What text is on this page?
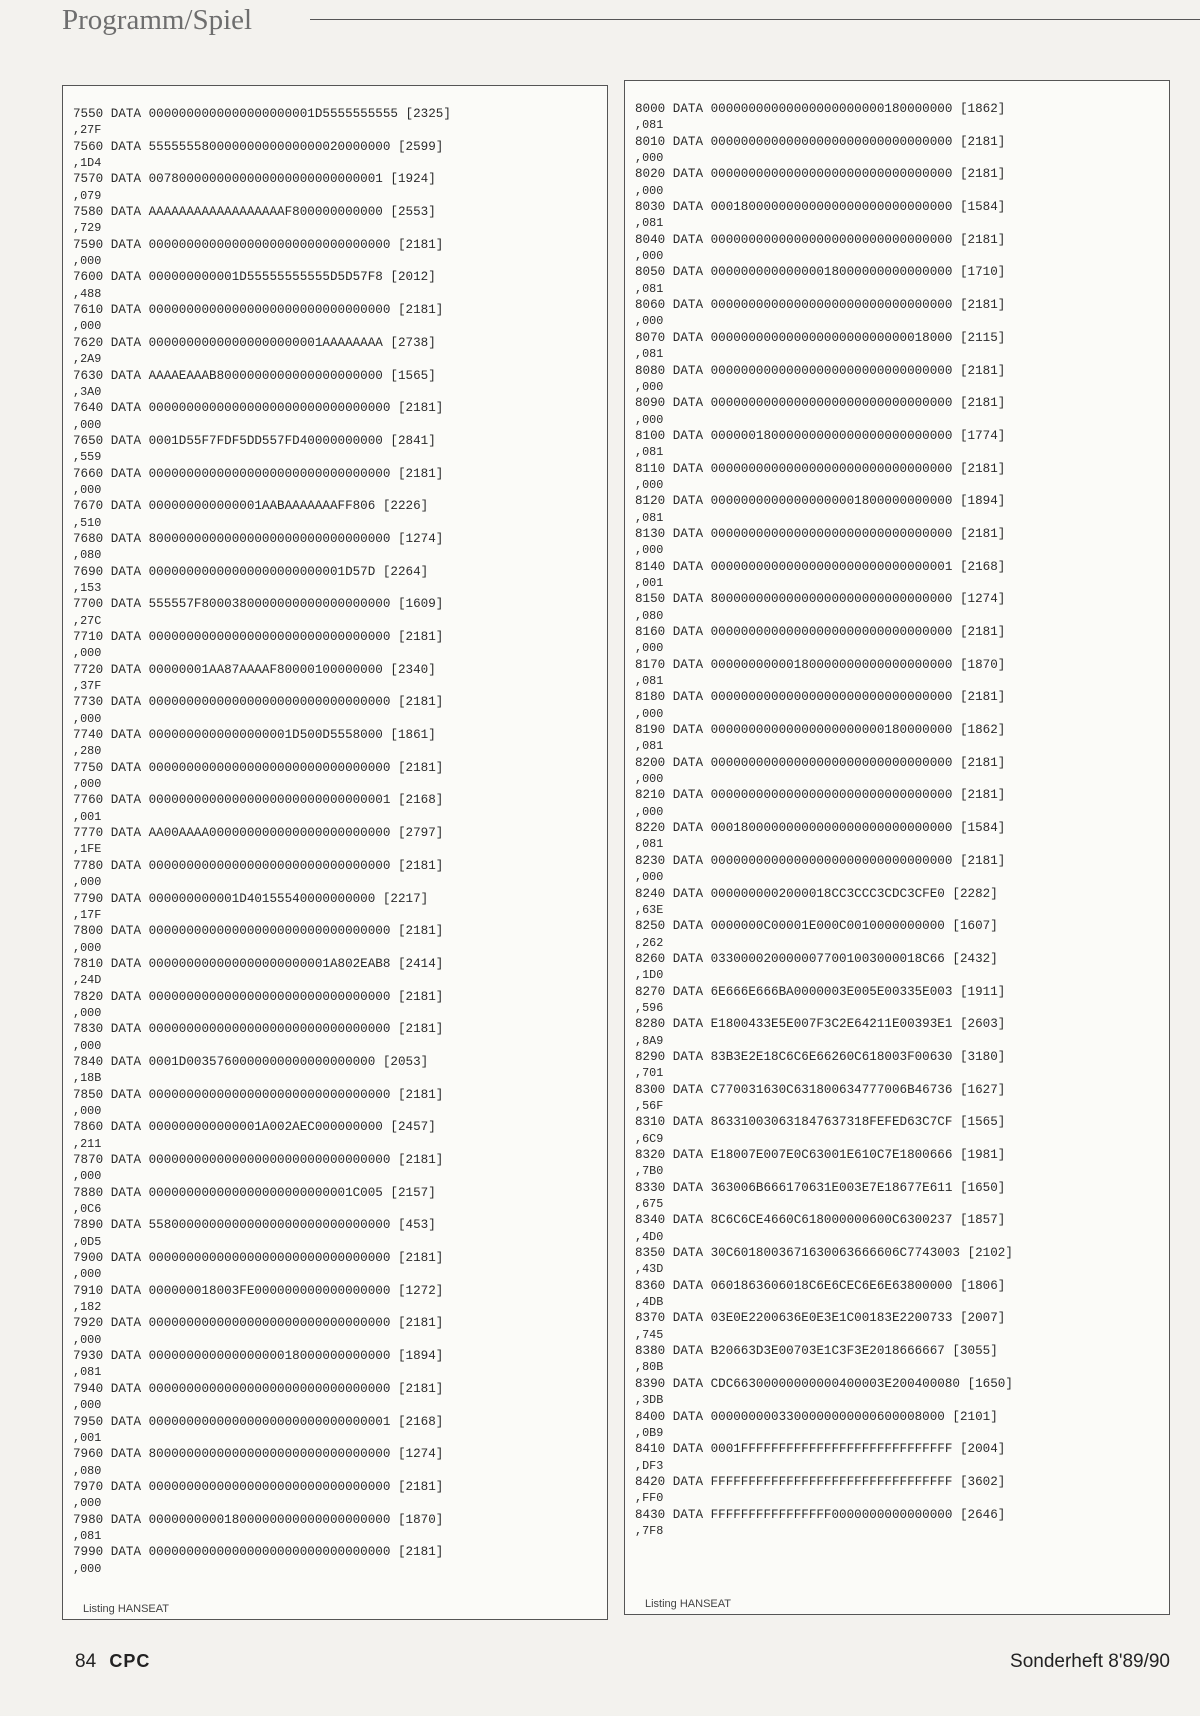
Programm/Spiel
7550 DATA 0000000000000000000001D5555555555 [2325]
,27F
7560 DATA 55555558000000000000000020000000 [2599]
,1D4
7570 DATA 0078000000000000000000000000001 [1924]
,079
7580 DATA AAAAAAAAAAAAAAAAAAF800000000000 [2553]
,729
7590 DATA 00000000000000000000000000000000 [2181]
,000
7600 DATA 000000000001D55555555555D5D57F8 [2012]
,488
7610 DATA 00000000000000000000000000000000 [2181]
,000
7620 DATA 00000000000000000000001AAAAAAAA [2738]
,2A9
7630 DATA AAAAEAAAB8000000000000000000000 [1565]
,3A0
7640 DATA 00000000000000000000000000000000 [2181]
,000
7650 DATA 0001D55F7FDF5DD557FD40000000000 [2841]
,559
7660 DATA 00000000000000000000000000000000 [2181]
,000
7670 DATA 000000000000001AABAAAAAAAFF806 [2226]
,510
7680 DATA 80000000000000000000000000000000 [1274]
,080
7690 DATA 00000000000000000000000001D57D [2264]
,153
7700 DATA 555557F8000380000000000000000000 [1609]
,27C
7710 DATA 00000000000000000000000000000000 [2181]
,000
7720 DATA 00000001AA87AAAAF80000100000000 [2340]
,37F
7730 DATA 00000000000000000000000000000000 [2181]
,000
7740 DATA 0000000000000000001D500D5558000 [1861]
,280
7750 DATA 00000000000000000000000000000000 [2181]
,000
7760 DATA 00000000000000000000000000000001 [2168]
,001
7770 DATA AA00AAAA000000000000000000000000 [2797]
,1FE
7780 DATA 00000000000000000000000000000000 [2181]
,000
7790 DATA 000000000001D40155540000000000 [2217]
,17F
7800 DATA 00000000000000000000000000000000 [2181]
,000
7810 DATA 000000000000000000000001A802EAB8 [2414]
,24D
7820 DATA 00000000000000000000000000000000 [2181]
,000
7830 DATA 00000000000000000000000000000000 [2181]
,000
7840 DATA 0001D0035760000000000000000000 [2053]
,18B
7850 DATA 00000000000000000000000000000000 [2181]
,000
7860 DATA 000000000000001A002AEC000000000 [2457]
,211
7870 DATA 00000000000000000000000000000000 [2181]
,000
7880 DATA 000000000000000000000000001C005 [2157]
,0C6
7890 DATA 55800000000000000000000000000000 [453]
,0D5
7900 DATA 00000000000000000000000000000000 [2181]
,000
7910 DATA 000000018003FE000000000000000000 [1272]
,182
7920 DATA 00000000000000000000000000000000 [2181]
,000
7930 DATA 00000000000000000018000000000000 [1894]
,081
7940 DATA 00000000000000000000000000000000 [2181]
,000
7950 DATA 00000000000000000000000000000001 [2168]
,001
7960 DATA 80000000000000000000000000000000 [1274]
,080
7970 DATA 00000000000000000000000000000000 [2181]
,000
7980 DATA 00000000001800000000000000000000 [1870]
,081
7990 DATA 00000000000000000000000000000000 [2181]
,000
Listing HANSEAT
8000 DATA 00000000000000000000000180000000 [1862]
,081
8010 DATA 00000000000000000000000000000000 [2181]
,000
8020 DATA 00000000000000000000000000000000 [2181]
,000
8030 DATA 00018000000000000000000000000000 [1584]
,081
8040 DATA 00000000000000000000000000000000 [2181]
,000
8050 DATA 00000000000000018000000000000000 [1710]
,081
8060 DATA 00000000000000000000000000000000 [2181]
,000
8070 DATA 00000000000000000000000000018000 [2115]
,081
8080 DATA 00000000000000000000000000000000 [2181]
,000
8090 DATA 00000000000000000000000000000000 [2181]
,000
8100 DATA 00000018000000000000000000000000 [1774]
,081
8110 DATA 00000000000000000000000000000000 [2181]
,000
8120 DATA 00000000000000000001800000000000 [1894]
,081
8130 DATA 00000000000000000000000000000000 [2181]
,000
8140 DATA 00000000000000000000000000000001 [2168]
,001
8150 DATA 80000000000000000000000000000000 [1274]
,080
8160 DATA 00000000000000000000000000000000 [2181]
,000
8170 DATA 00000000000180000000000000000000 [1870]
,081
8180 DATA 00000000000000000000000000000000 [2181]
,000
8190 DATA 00000000000000000000000180000000 [1862]
,081
8200 DATA 00000000000000000000000000000000 [2181]
,000
8210 DATA 00000000000000000000000000000000 [2181]
,000
8220 DATA 00018000000000000000000000000000 [1584]
,081
8230 DATA 00000000000000000000000000000000 [2181]
,000
8240 DATA 0000000002000018CC3CCC3CDC3CFE0 [2282]
,63E
8250 DATA 0000000C00001E000C0010000000000 [1607]
,262
8260 DATA 0330000200000077001003000018C66 [2432]
,1D0
8270 DATA 6E666E666BA0000003E005E00335E003 [1911]
,596
8280 DATA E1800433E5E007F3C2E64211E00393E1 [2603]
,8A9
8290 DATA 83B3E2E18C6C6E66260C618003F00630 [3180]
,701
8300 DATA C770031630C631800634777006B46736 [1627]
,56F
8310 DATA 863310030631847637318FEFED63C7CF [1565]
,6C9
8320 DATA E18007E007E0C63001E610C7E1800666 [1981]
,7B0
8330 DATA 363006B666170631E003E7E18677E611 [1650]
,675
8340 DATA 8C6C6CE4660C618000000600C6300237 [1857]
,4D0
8350 DATA 30C6018003671630063666606C7743003 [2102]
,43D
8360 DATA 0601863606018C6E6CEC6E6E63800000 [1806]
,4DB
8370 DATA 03E0E2200636E0E3E1C00183E2200733 [2007]
,745
8380 DATA B20663D3E00703E1C3F3E2018666667 [3055]
,80B
8390 DATA CDC66300000000000400003E200400080 [1650]
,3DB
8400 DATA 0000000003300000000000600008000 [2101]
,0B9
8410 DATA 0001FFFFFFFFFFFFFFFFFFFFFFFFFFFF [2004]
,DF3
8420 DATA FFFFFFFFFFFFFFFFFFFFFFFFFFFFFFFF [3602]
,FF0
8430 DATA FFFFFFFFFFFFFFFF0000000000000000 [2646]
,7F8
Listing HANSEAT
84 CPC	Sonderheft 8'89/90
